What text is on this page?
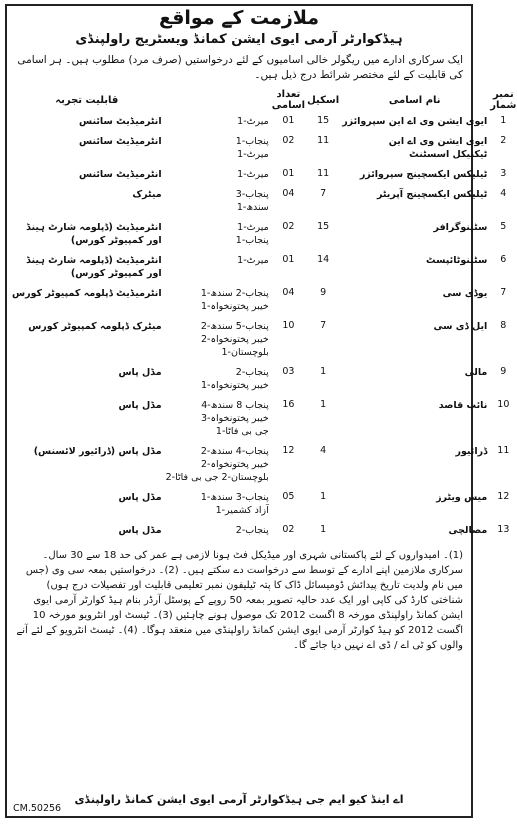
ملازمت کے مواقع
ہیڈکوارٹر آرمی ایوی ایشن کمانڈ ویسٹریج راولپنڈی
ایک سرکاری ادارے میں ریگولر خالی اسامیوں کے لئے درخواستیں (صرف مرد) مطلوب ہیں۔ ہر اسامی کی قابلیت کے لئے مختصر شرائط درج ذیل ہیں۔
نمبر شمار	نام اسامی	اسکیل	تعداد اسامی		قابلیت تجربہ
1	ایوی ایشن وی اے این سپروائزر	15	01	میرٹ-1	انٹرمیڈیٹ سائنس

2	ایوی ایشن وی اے این
ٹیکنیکل اسسٹنٹ	11	02	پنجاب-1
میرٹ-1	انٹرمیڈیٹ سائنس

3	ٹیلیکس ایکسچینج سپروائزر	11	01	میرٹ-1	انٹرمیڈیٹ سائنس

4	ٹیلیکس ایکسچینج آپریٹر	7	04	پنجاب-3
سندھ-1	میٹرک

5	سٹینوگرافر	15	02	میرٹ-1
پنجاب-1	انٹرمیڈیٹ (ڈپلومہ شارٹ ہینڈ
اور کمپیوٹر کورس)

6	سٹینوٹائپسٹ	14	01	میرٹ-1	انٹرمیڈیٹ (ڈپلومہ شارٹ ہینڈ
اور کمپیوٹر کورس)

7	یوڈی سی	9	04	پنجاب-2 سندھ-1
خیبر پختونخواہ-1	انٹرمیڈیٹ ڈپلومہ کمپیوٹر کورس

8	ایل ڈی سی	7	10	پنجاب-5 سندھ-2
خیبر پختونخواہ-2
بلوچستان-1	میٹرک ڈپلومہ کمپیوٹر کورس

9	مالی	1	03	پنجاب-2
خیبر پختونخواہ-1	مڈل پاس

10	نائب قاصد	1	16	پنجاب 8 سندھ-4
خیبر پختونخواہ-3
جی بی فاٹا-1	مڈل پاس

11	ڈرائیور	4	12	پنجاب-4 سندھ-2
خیبر پختونخواہ-2
بلوچستان-2 جی بی فاٹا-2	مڈل پاس (ڈرائیور لائسنس)

12	میس ویٹرز	1	05	پنجاب-3 سندھ-1
آزاد کشمیر-1	مڈل پاس

13	مصالچی	1	02	پنجاب-2	مڈل پاس
(1)۔ امیدواروں کے لئے پاکستانی شہری اور میڈیکل فٹ ہونا لازمی ہے عمر کی حد 18 سے 30 سال۔ سرکاری ملازمین اپنے ادارے کے توسط سے درخواست دے سکتے ہیں۔ (2)۔ درخواستیں بمعہ سی وی (جس میں نام ولدیت تاریخ پیدائش ڈومیسائل ڈاک کا پتہ ٹیلیفون نمبر تعلیمی قابلیت اور تفصیلات درج ہوں) شناختی کارڈ کی کاپی اور ایک عدد حالیہ تصویر بمعہ 50 روپے کے پوسٹل آرڈر بنام ہیڈ کوارٹر آرمی ایوی ایشن کمانڈ راولپنڈی مورخہ 8 اگست 2012 تک موصول ہونے چاہئیں (3)۔ ٹیسٹ اور انٹرویو مورخہ 10 اگست 2012 کو ہیڈ کوارٹر آرمی ایوی ایشن کمانڈ راولپنڈی میں منعقد ہوگا۔ (4)۔ ٹیسٹ انٹرویو کے لئے آنے والوں کو ٹی اے / ڈی اے نہیں دیا جائے گا۔
اے اینڈ کیو ایم جی ہیڈکوارٹر آرمی ایوی ایشن کمانڈ راولپنڈی
CM.50256
